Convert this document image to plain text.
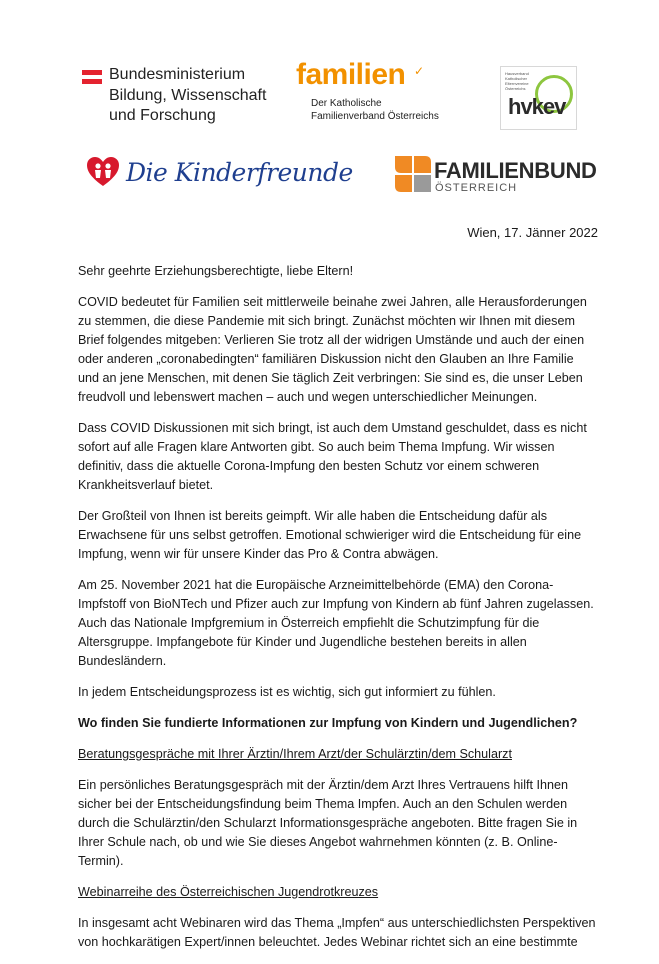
Bundesministerium
Bildung, Wissenschaft
und Forschung
familien ✓
Der Katholische
Familienverband Österreichs
Hausverband Katholischer Elternvereine Österreichs
hvkev
Die Kinderfreunde	FAMILIENBUND
ÖSTERREICH
Wien, 17. Jänner 2022

Sehr geehrte Erziehungsberechtigte, liebe Eltern!

COVID bedeutet für Familien seit mittlerweile beinahe zwei Jahren, alle Herausforderungen zu stemmen, die diese Pandemie mit sich bringt. Zunächst möchten wir Ihnen mit diesem Brief folgendes mitgeben: Verlieren Sie trotz all der widrigen Umstände und auch der einen oder anderen „coronabedingten“ familiären Diskussion nicht den Glauben an Ihre Familie und an jene Menschen, mit denen Sie täglich Zeit verbringen: Sie sind es, die unser Leben freudvoll und lebenswert machen – auch und wegen unterschiedlicher Meinungen.

Dass COVID Diskussionen mit sich bringt, ist auch dem Umstand geschuldet, dass es nicht sofort auf alle Fragen klare Antworten gibt. So auch beim Thema Impfung. Wir wissen definitiv, dass die aktuelle Corona-Impfung den besten Schutz vor einem schweren Krankheitsverlauf bietet.

Der Großteil von Ihnen ist bereits geimpft. Wir alle haben die Entscheidung dafür als Erwachsene für uns selbst getroffen. Emotional schwieriger wird die Entscheidung für eine Impfung, wenn wir für unsere Kinder das Pro & Contra abwägen.

Am 25. November 2021 hat die Europäische Arzneimittelbehörde (EMA) den Corona-Impfstoff von BioNTech und Pfizer auch zur Impfung von Kindern ab fünf Jahren zugelassen. Auch das Nationale Impfgremium in Österreich empfiehlt die Schutzimpfung für die Altersgruppe. Impfangebote für Kinder und Jugendliche bestehen bereits in allen Bundesländern.

In jedem Entscheidungsprozess ist es wichtig, sich gut informiert zu fühlen.

Wo finden Sie fundierte Informationen zur Impfung von Kindern und Jugendlichen?

Beratungsgespräche mit Ihrer Ärztin/Ihrem Arzt/der Schulärztin/dem Schularzt

Ein persönliches Beratungsgespräch mit der Ärztin/dem Arzt Ihres Vertrauens hilft Ihnen sicher bei der Entscheidungsfindung beim Thema Impfen. Auch an den Schulen werden durch die Schulärztin/den Schularzt Informationsgespräche angeboten. Bitte fragen Sie in Ihrer Schule nach, ob und wie Sie dieses Angebot wahrnehmen könnten (z. B. Online-Termin).

Webinarreihe des Österreichischen Jugendrotkreuzes

In insgesamt acht Webinaren wird das Thema „Impfen“ aus unterschiedlichsten Perspektiven von hochkarätigen Expert/innen beleuchtet. Jedes Webinar richtet sich an eine bestimmte
